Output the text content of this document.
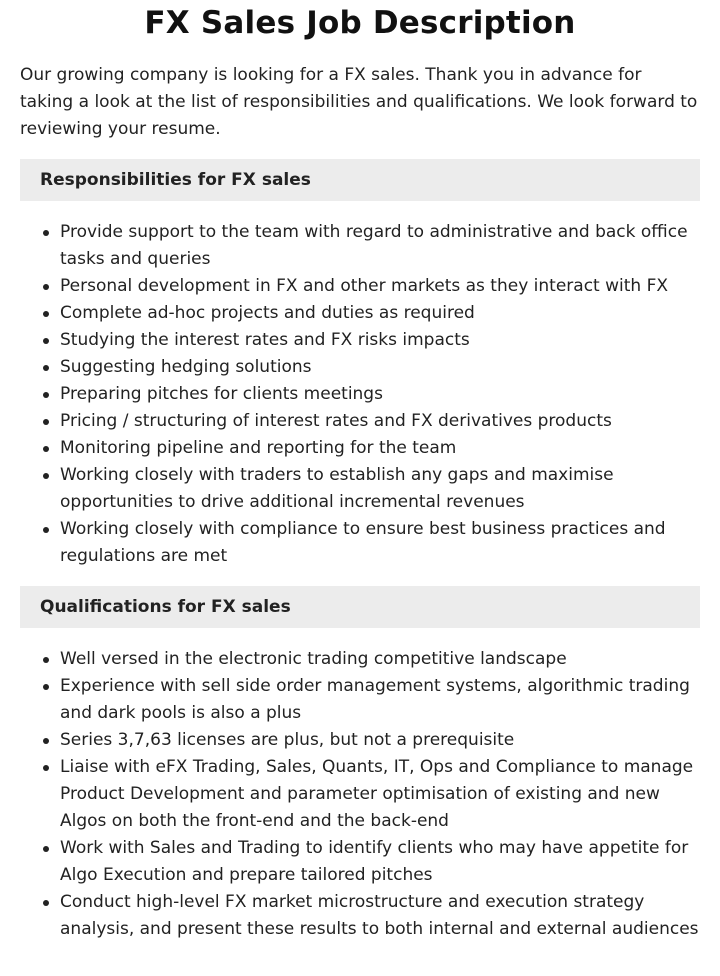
FX Sales Job Description

Our growing company is looking for a FX sales. Thank you in advance for taking a look at the list of responsibilities and qualifications. We look forward to reviewing your resume.

Responsibilities for FX sales
Provide support to the team with regard to administrative and back office tasks and queries
Personal development in FX and other markets as they interact with FX
Complete ad-hoc projects and duties as required
Studying the interest rates and FX risks impacts
Suggesting hedging solutions
Preparing pitches for clients meetings
Pricing / structuring of interest rates and FX derivatives products
Monitoring pipeline and reporting for the team
Working closely with traders to establish any gaps and maximise opportunities to drive additional incremental revenues
Working closely with compliance to ensure best business practices and regulations are met
Qualifications for FX sales
Well versed in the electronic trading competitive landscape
Experience with sell side order management systems, algorithmic trading and dark pools is also a plus
Series 3,7,63 licenses are plus, but not a prerequisite
Liaise with eFX Trading, Sales, Quants, IT, Ops and Compliance to manage Product Development and parameter optimisation of existing and new Algos on both the front-end and the back-end
Work with Sales and Trading to identify clients who may have appetite for Algo Execution and prepare tailored pitches
Conduct high-level FX market microstructure and execution strategy analysis, and present these results to both internal and external audiences
